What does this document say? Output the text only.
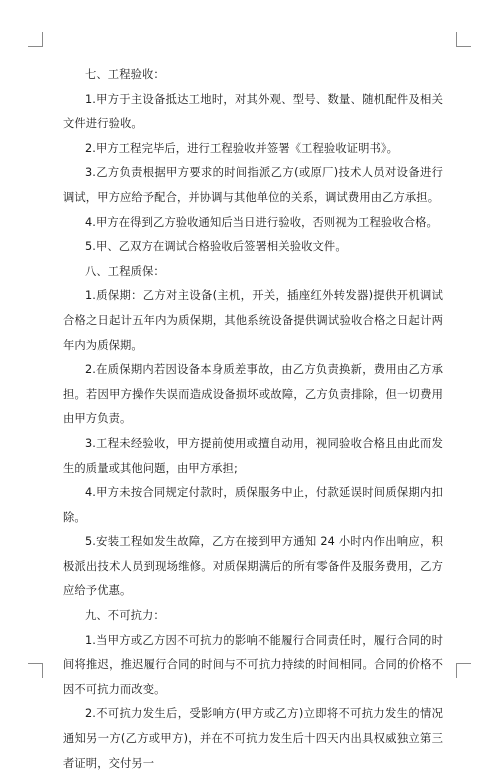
七、工程验收：

1.甲方于主设备抵达工地时，对其外观、型号、数量、随机配件及相关文件进行验收。

2.甲方工程完毕后，进行工程验收并签署《工程验收证明书》。

3.乙方负责根据甲方要求的时间指派乙方(或原厂)技术人员对设备进行调试，甲方应给予配合，并协调与其他单位的关系，调试费用由乙方承担。

4.甲方在得到乙方验收通知后当日进行验收，否则视为工程验收合格。

5.甲、乙双方在调试合格验收后签署相关验收文件。

八、工程质保：

1.质保期：乙方对主设备(主机，开关，插座红外转发器)提供开机调试合格之日起计五年内为质保期，其他系统设备提供调试验收合格之日起计两年内为质保期。

2.在质保期内若因设备本身质差事故，由乙方负责换新，费用由乙方承担。若因甲方操作失误而造成设备损坏或故障，乙方负责排除，但一切费用由甲方负责。

3.工程未经验收，甲方提前使用或擅自动用，视同验收合格且由此而发生的质量或其他问题，由甲方承担;

4.甲方未按合同规定付款时，质保服务中止，付款延误时间质保期内扣除。

5.安装工程如发生故障，乙方在接到甲方通知 24 小时内作出响应，积极派出技术人员到现场维修。对质保期满后的所有零备件及服务费用，乙方应给予优惠。

九、不可抗力：

1.当甲方或乙方因不可抗力的影响不能履行合同责任时，履行合同的时间将推迟，推迟履行合同的时间与不可抗力持续的时间相同。合同的价格不因不可抗力而改变。

2.不可抗力发生后，受影响方(甲方或乙方)立即将不可抗力发生的情况通知另一方(乙方或甲方)，并在不可抗力发生后十四天内出具权威独立第三者证明，交付另一
